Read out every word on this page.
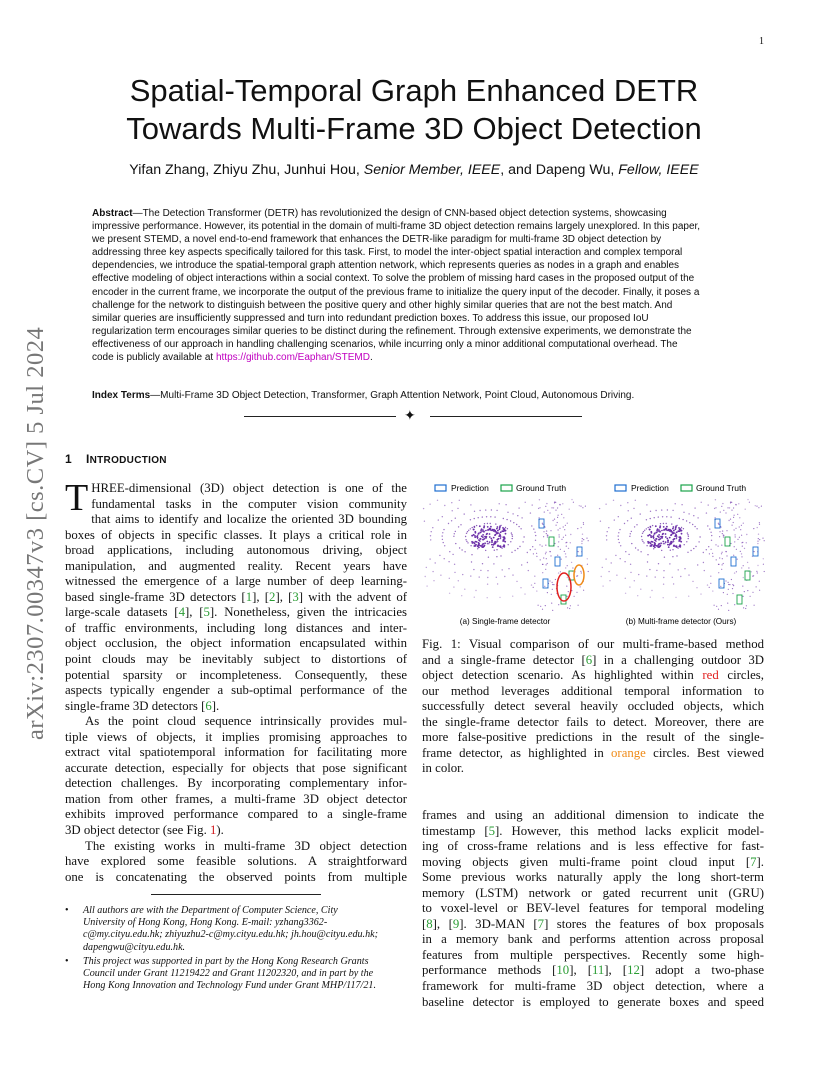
1
arXiv:2307.00347v3 [cs.CV] 5 Jul 2024
Spatial-Temporal Graph Enhanced DETR
Towards Multi-Frame 3D Object Detection
Yifan Zhang, Zhiyu Zhu, Junhui Hou, Senior Member, IEEE, and Dapeng Wu, Fellow, IEEE
Abstract—The Detection Transformer (DETR) has revolutionized the design of CNN-based object detection systems, showcasing
impressive performance. However, its potential in the domain of multi-frame 3D object detection remains largely unexplored. In this paper,
we present STEMD, a novel end-to-end framework that enhances the DETR-like paradigm for multi-frame 3D object detection by
addressing three key aspects specifically tailored for this task. First, to model the inter-object spatial interaction and complex temporal
dependencies, we introduce the spatial-temporal graph attention network, which represents queries as nodes in a graph and enables
effective modeling of object interactions within a social context. To solve the problem of missing hard cases in the proposed output of the
encoder in the current frame, we incorporate the output of the previous frame to initialize the query input of the decoder. Finally, it poses a
challenge for the network to distinguish between the positive query and other highly similar queries that are not the best match. And
similar queries are insufficiently suppressed and turn into redundant prediction boxes. To address this issue, our proposed IoU
regularization term encourages similar queries to be distinct during the refinement. Through extensive experiments, we demonstrate the
effectiveness of our approach in handling challenging scenarios, while incurring only a minor additional computational overhead. The
code is publicly available at https://github.com/Eaphan/STEMD.
Index Terms—Multi-Frame 3D Object Detection, Transformer, Graph Attention Network, Point Cloud, Autonomous Driving.
✦
1 INTRODUCTION
T HREE-dimensional (3D) object detection is one of the
fundamental tasks in the computer vision community
that aims to identify and localize the oriented 3D bounding
boxes of objects in specific classes. It plays a critical role in
broad applications, including autonomous driving, object
manipulation, and augmented reality. Recent years have
witnessed the emergence of a large number of deep learning-
based single-frame 3D detectors [1], [2], [3] with the advent of
large-scale datasets [4], [5]. Nonetheless, given the intricacies
of traffic environments, including long distances and inter-
object occlusion, the object information encapsulated within
point clouds may be inevitably subject to distortions of
potential sparsity or incompleteness. Consequently, these
aspects typically engender a sub-optimal performance of the
single-frame 3D detectors [6].
As the point cloud sequence intrinsically provides mul-
tiple views of objects, it implies promising approaches to
extract vital spatiotemporal information for facilitating more
accurate detection, especially for objects that pose significant
detection challenges. By incorporating complementary infor-
mation from other frames, a multi-frame 3D object detector
exhibits improved performance compared to a single-frame
3D object detector (see Fig. 1).
The existing works in multi-frame 3D object detection
have explored some feasible solutions. A straightforward
one is concatenating the observed points from multiple
• All authors are with the Department of Computer Science, City
University of Hong Kong, Hong Kong. E-mail: yzhang3362-
c@my.cityu.edu.hk; zhiyuzhu2-c@my.cityu.edu.hk; jh.hou@cityu.edu.hk;
dapengwu@cityu.edu.hk.
• This project was supported in part by the Hong Kong Research Grants
Council under Grant 11219422 and Grant 11202320, and in part by the
Hong Kong Innovation and Technology Fund under Grant MHP/117/21.
Prediction	Ground Truth
(a) Single-frame detector
Prediction	Ground Truth
(b) Multi-frame detector (Ours)
Fig. 1: Visual comparison of our multi-frame-based method
and a single-frame detector [6] in a challenging outdoor 3D
object detection scenario. As highlighted within red circles,
our method leverages additional temporal information to
successfully detect several heavily occluded objects, which
the single-frame detector fails to detect. Moreover, there are
more false-positive predictions in the result of the single-
frame detector, as highlighted in orange circles. Best viewed
in color.
frames and using an additional dimension to indicate the
timestamp [5]. However, this method lacks explicit model-
ing of cross-frame relations and is less effective for fast-
moving objects given multi-frame point cloud input [7].
Some previous works naturally apply the long short-term
memory (LSTM) network or gated recurrent unit (GRU)
to voxel-level or BEV-level features for temporal modeling
[8], [9]. 3D-MAN [7] stores the features of box proposals
in a memory bank and performs attention across proposal
features from multiple perspectives. Recently some high-
performance methods [10], [11], [12] adopt a two-phase
framework for multi-frame 3D object detection, where a
baseline detector is employed to generate boxes and speed
